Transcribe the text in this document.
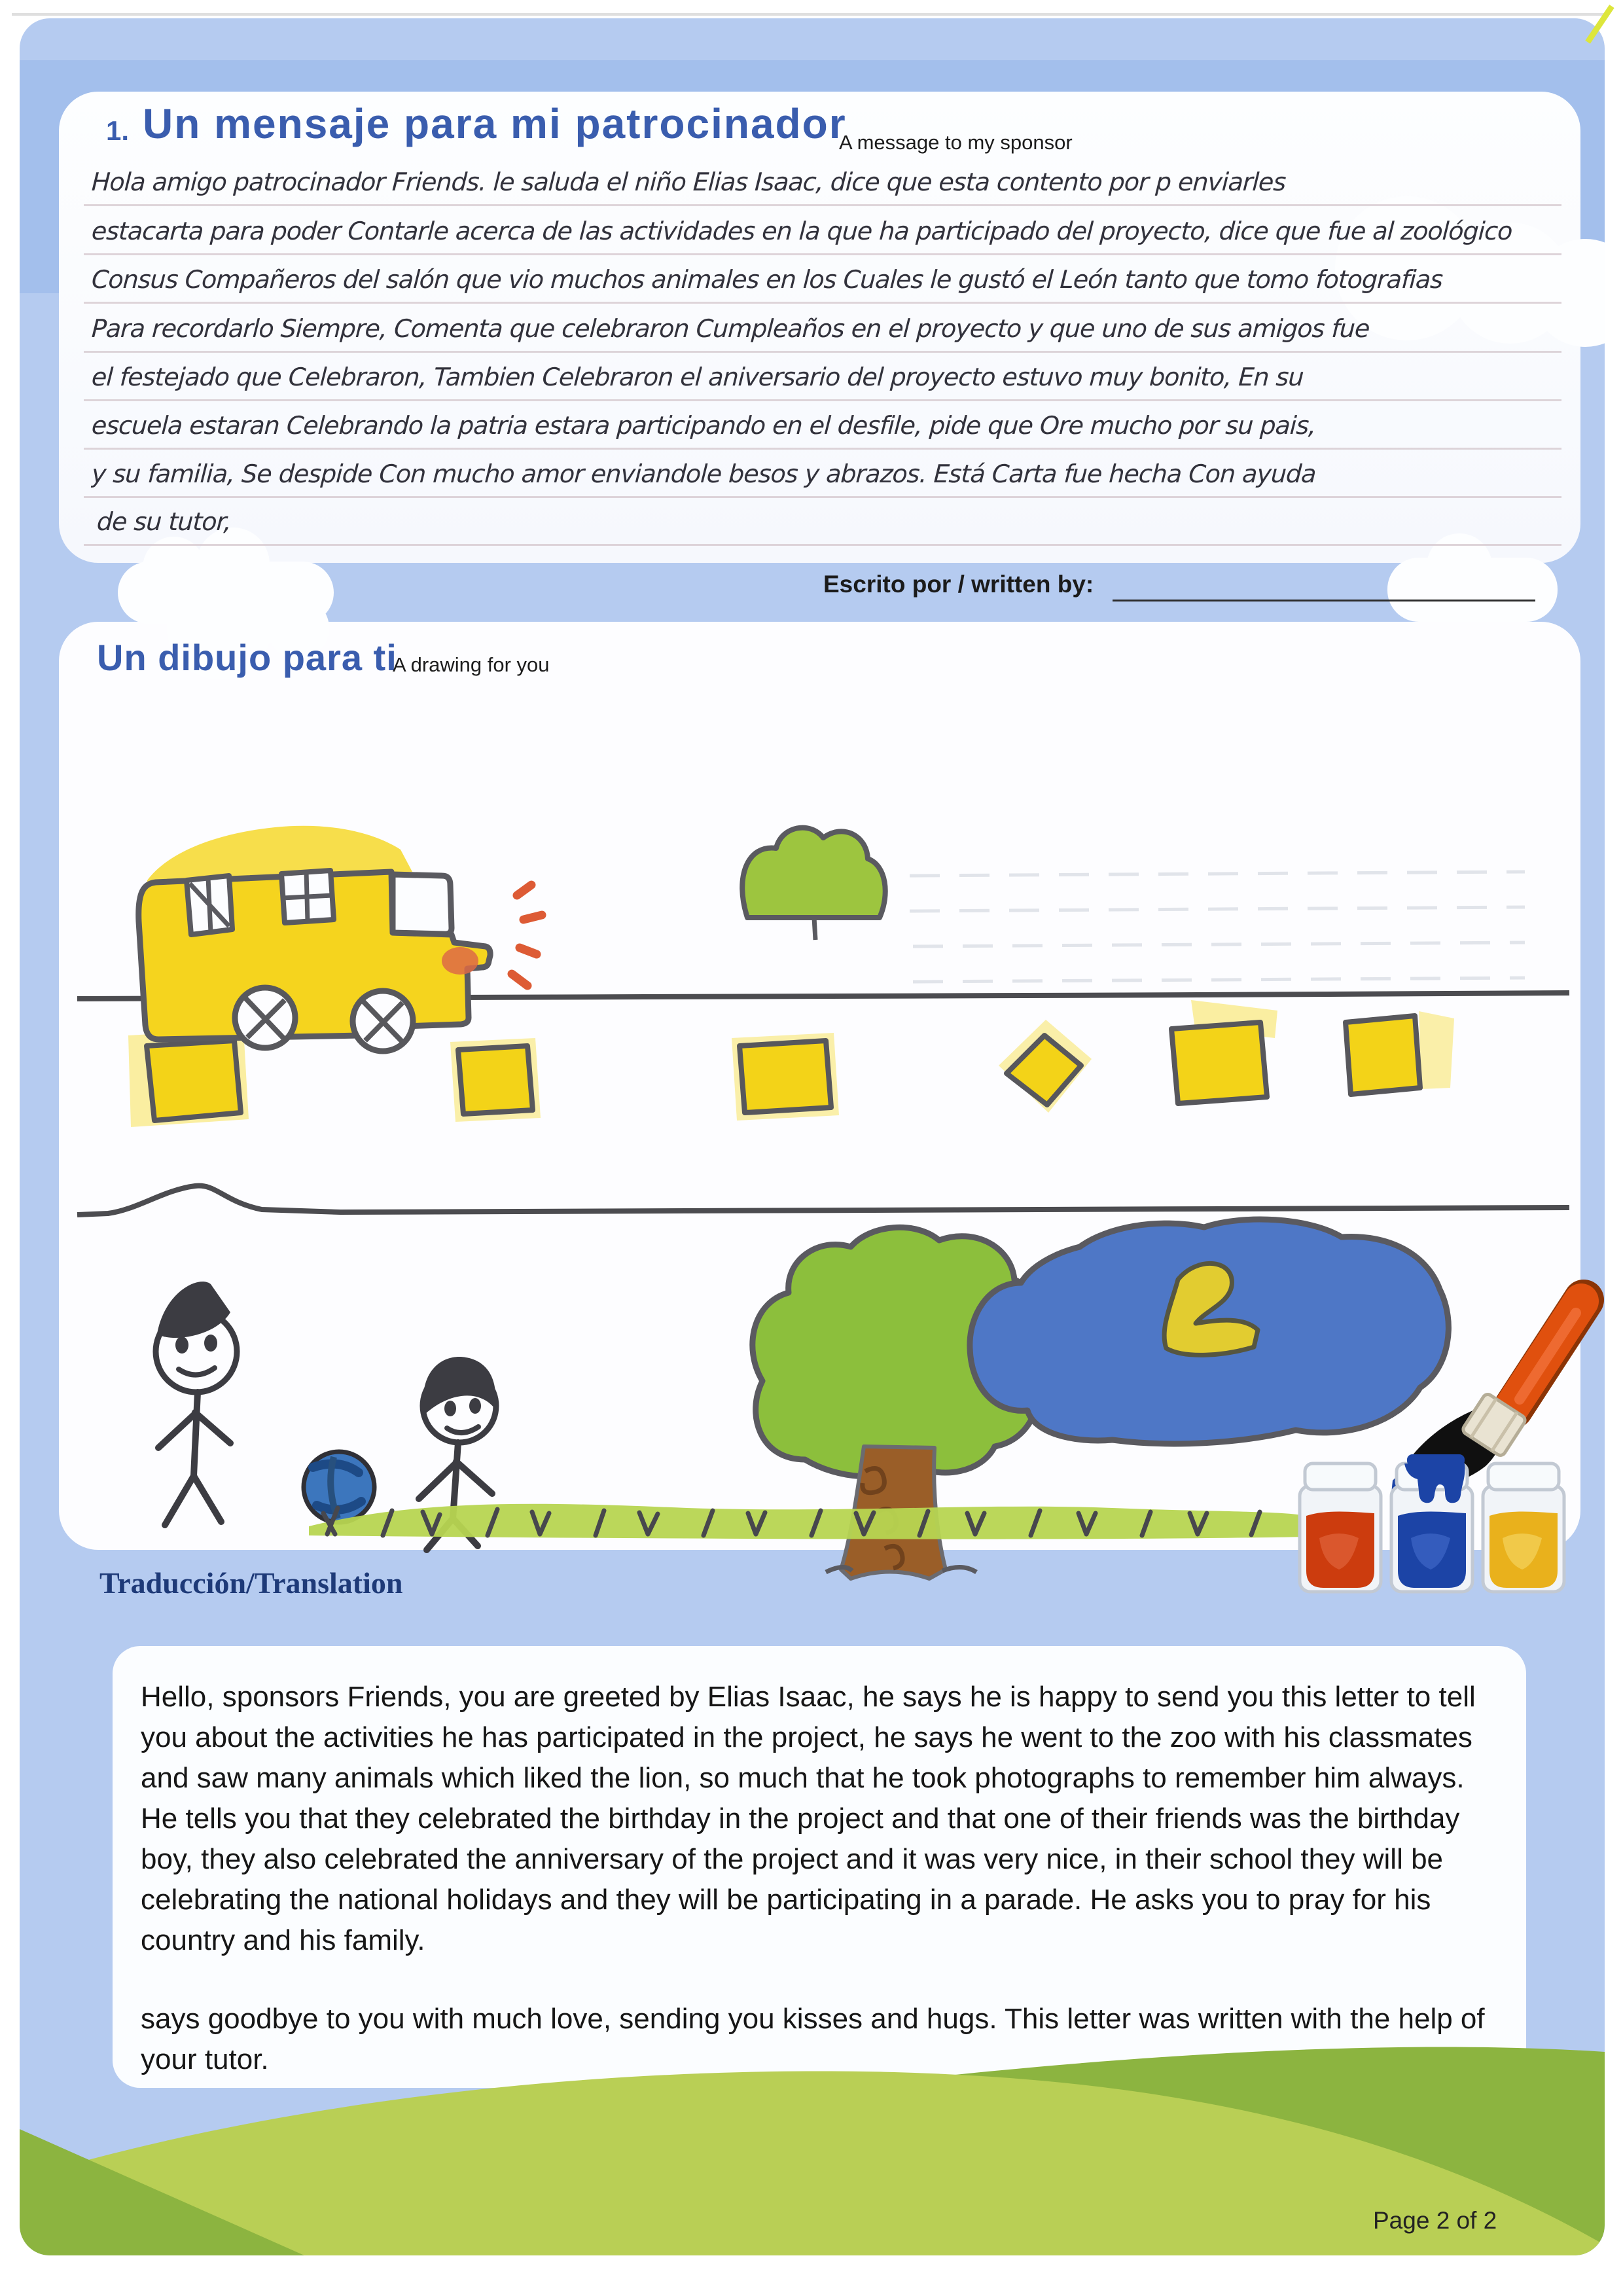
1. Un mensaje para mi patrocinador
A message to my sponsor
Hola amigo patrocinador Friends. le saluda el niño Elias Isaac, dice que esta contento por p enviarles
estacarta para poder Contarle acerca de las actividades en la que ha participado del proyecto, dice que fue al zoológico
Consus Compañeros del salón que vio muchos animales en los Cuales le gustó el León tanto que tomo fotografias
Para recordarlo Siempre, Comenta que celebraron Cumpleaños en el proyecto y que uno de sus amigos fue
el festejado que Celebraron, Tambien Celebraron el aniversario del proyecto estuvo muy bonito, En su
escuela estaran Celebrando la patria estara participando en el desfile, pide que Ore mucho por su pais,
y su familia, Se despide Con mucho amor enviandole besos y abrazos. Está Carta fue hecha Con ayuda
de su tutor,
Escrito por / written by:
Un dibujo para ti
A drawing for you
Traducción/Translation

Hello, sponsors Friends, you are greeted by Elias Isaac, he says he is happy to send you this letter to tell you about the activities he has participated in the project, he says he went to the zoo with his classmates and saw many animals which liked the lion, so much that he took photographs to remember him always. He tells you that they celebrated the birthday in the project and that one of their friends was the birthday boy, they also celebrated the anniversary of the project and it was very nice, in their school they will be celebrating the national holidays and they will be participating in a parade. He asks you to pray for his country and his family.

says goodbye to you with much love, sending you kisses and hugs. This letter was written with the help of your tutor.

Page 2 of 2
